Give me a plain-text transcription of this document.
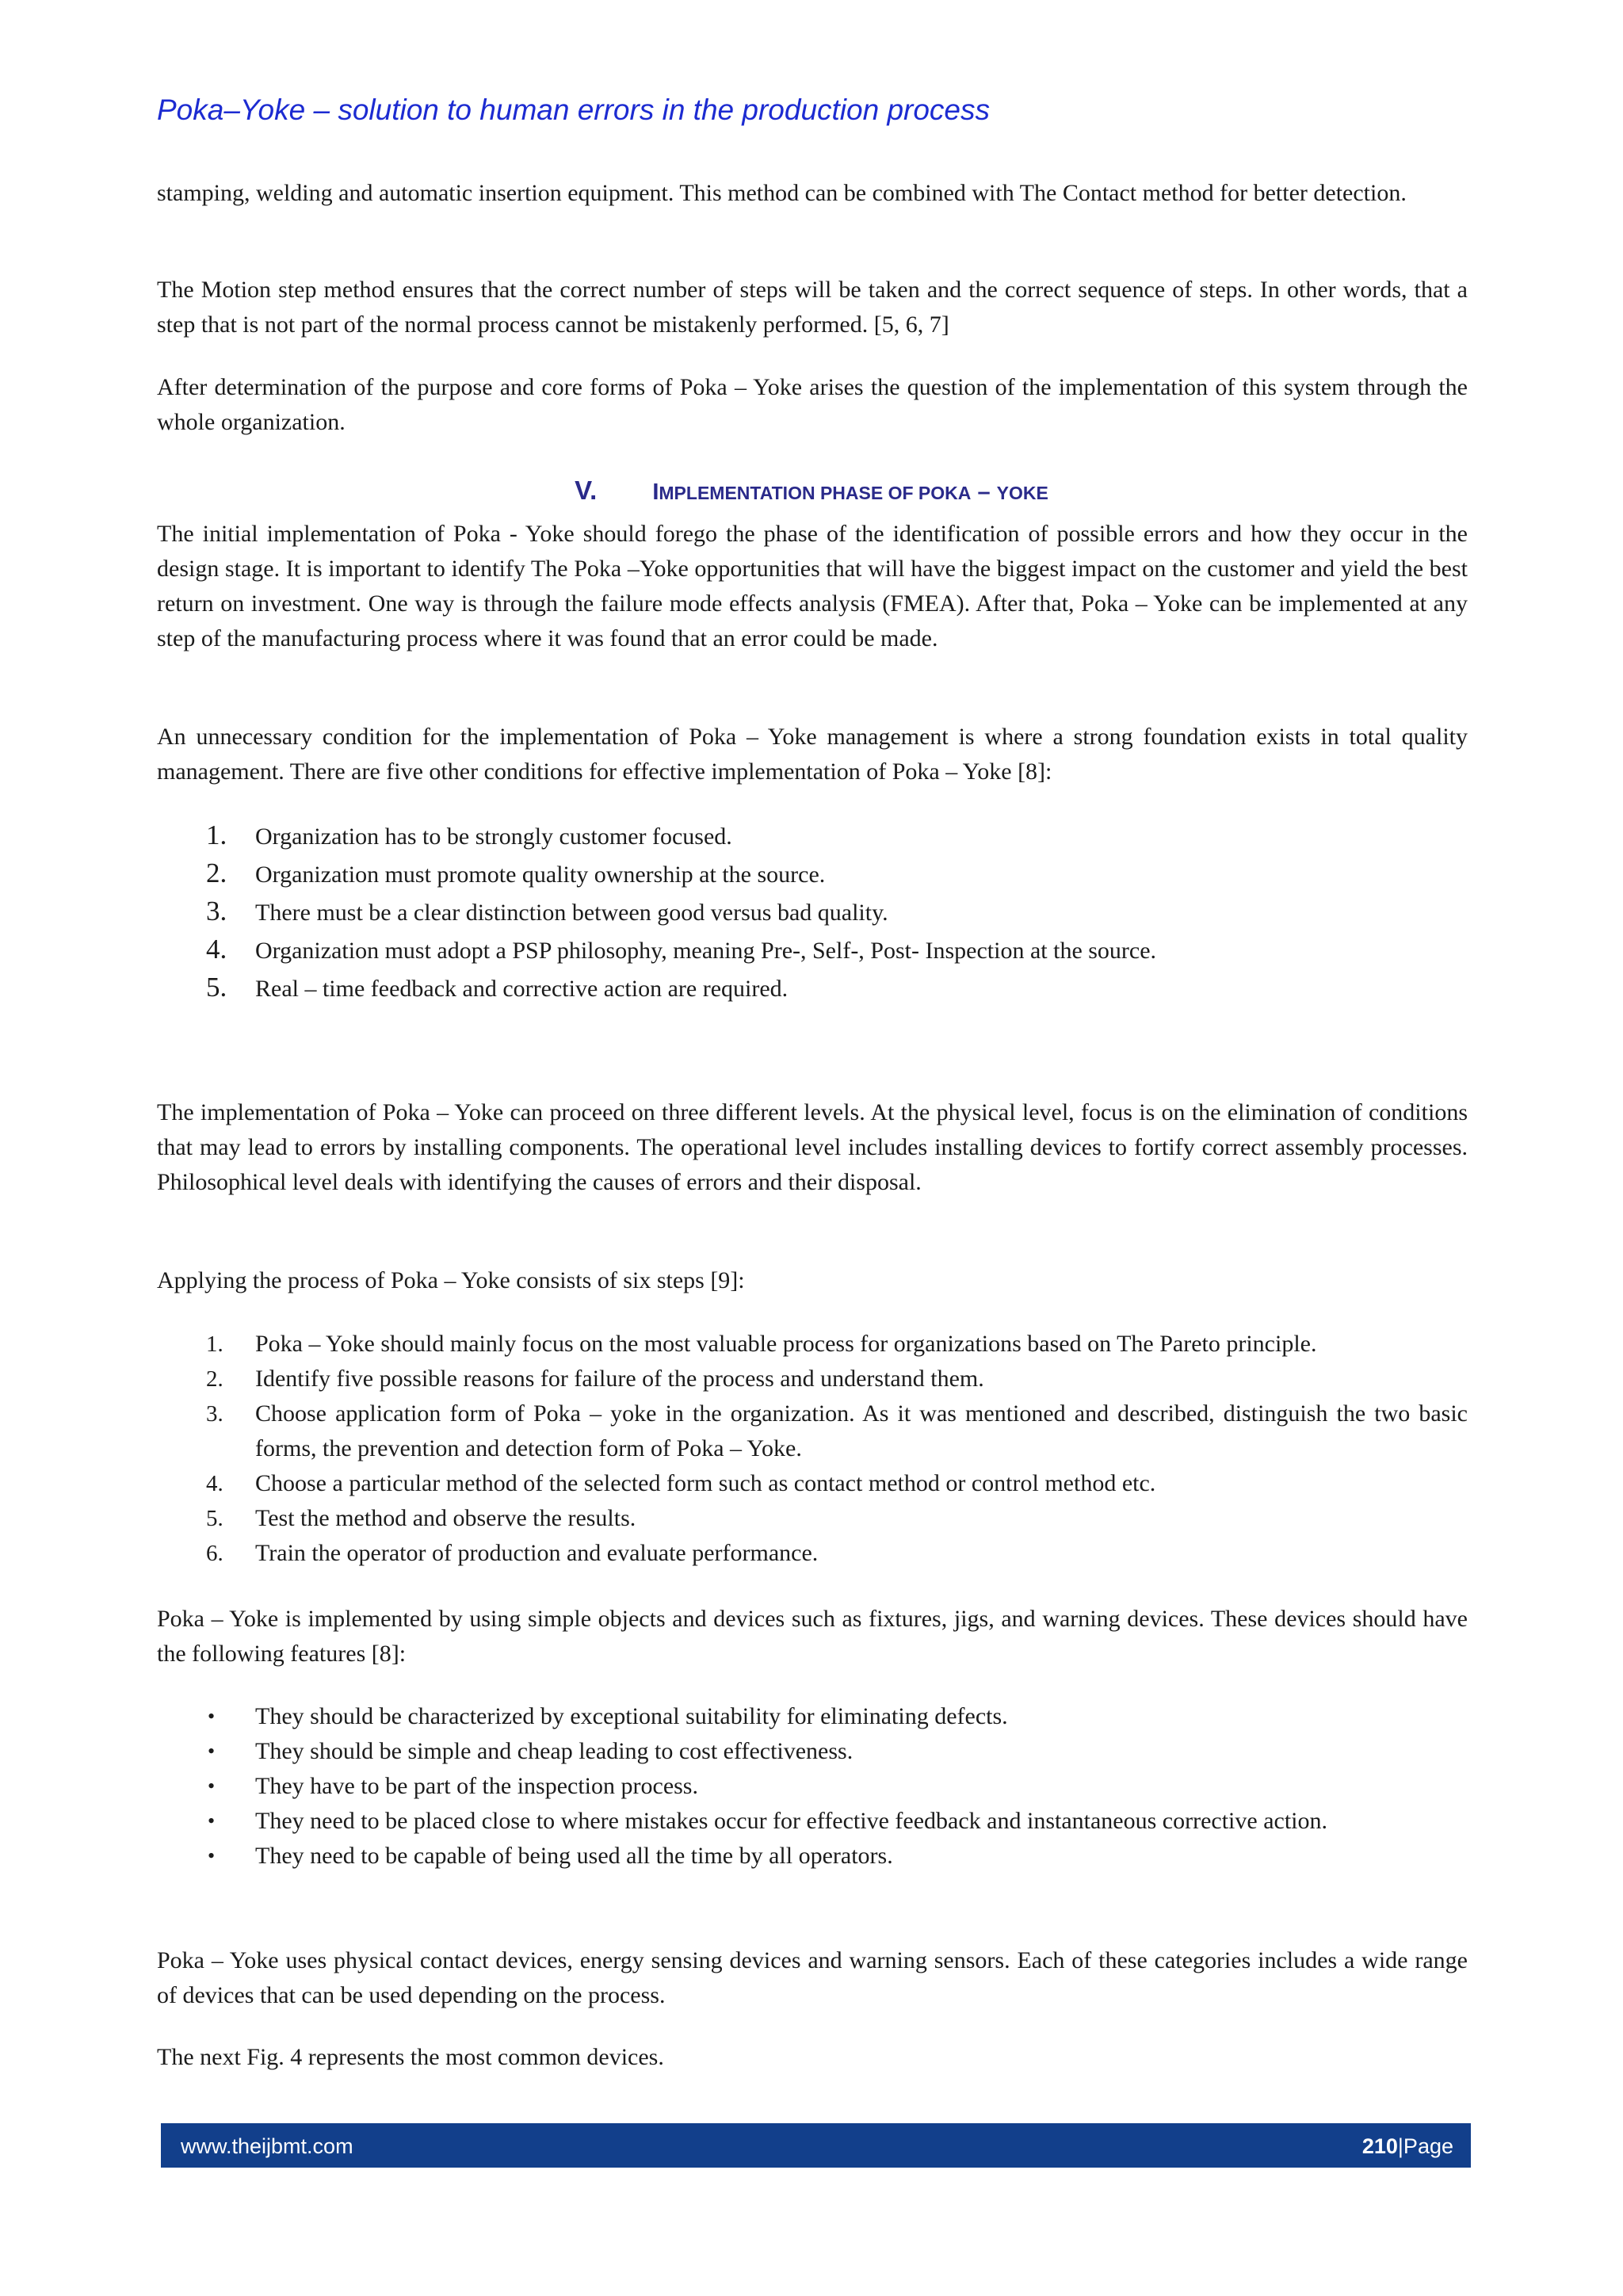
Poka–Yoke – solution to human errors in the production process

stamping, welding and automatic insertion equipment. This method can be combined with The Contact method for better detection.

The Motion step method ensures that the correct number of steps will be taken and the correct sequence of steps. In other words, that a step that is not part of the normal process cannot be mistakenly performed. [5, 6, 7]

After determination of the purpose and core forms of Poka – Yoke arises the question of the implementation of this system through the whole organization.

V. IMPLEMENTATION PHASE OF POKA – YOKE

The initial implementation of Poka - Yoke should forego the phase of the identification of possible errors and how they occur in the design stage. It is important to identify The Poka –Yoke opportunities that will have the biggest impact on the customer and yield the best return on investment. One way is through the failure mode effects analysis (FMEA). After that, Poka – Yoke can be implemented at any step of the manufacturing process where it was found that an error could be made.

An unnecessary condition for the implementation of Poka – Yoke management is where a strong foundation exists in total quality management. There are five other conditions for effective implementation of Poka – Yoke [8]:

1. Organization has to be strongly customer focused.
2. Organization must promote quality ownership at the source.
3. There must be a clear distinction between good versus bad quality.
4. Organization must adopt a PSP philosophy, meaning Pre-, Self-, Post- Inspection at the source.
5. Real – time feedback and corrective action are required.

The implementation of Poka – Yoke can proceed on three different levels. At the physical level, focus is on the elimination of conditions that may lead to errors by installing components. The operational level includes installing devices to fortify correct assembly processes. Philosophical level deals with identifying the causes of errors and their disposal.

Applying the process of Poka – Yoke consists of six steps [9]:

1. Poka – Yoke should mainly focus on the most valuable process for organizations based on The Pareto principle.
2. Identify five possible reasons for failure of the process and understand them.
3. Choose application form of Poka – yoke in the organization. As it was mentioned and described, distinguish the two basic forms, the prevention and detection form of Poka – Yoke.
4. Choose a particular method of the selected form such as contact method or control method etc.
5. Test the method and observe the results.
6. Train the operator of production and evaluate performance.

Poka – Yoke is implemented by using simple objects and devices such as fixtures, jigs, and warning devices. These devices should have the following features [8]:

• They should be characterized by exceptional suitability for eliminating defects.
• They should be simple and cheap leading to cost effectiveness.
• They have to be part of the inspection process.
• They need to be placed close to where mistakes occur for effective feedback and instantaneous corrective action.
• They need to be capable of being used all the time by all operators.

Poka – Yoke uses physical contact devices, energy sensing devices and warning sensors. Each of these categories includes a wide range of devices that can be used depending on the process.

The next Fig. 4 represents the most common devices.

www.theijbmt.com	210|Page
